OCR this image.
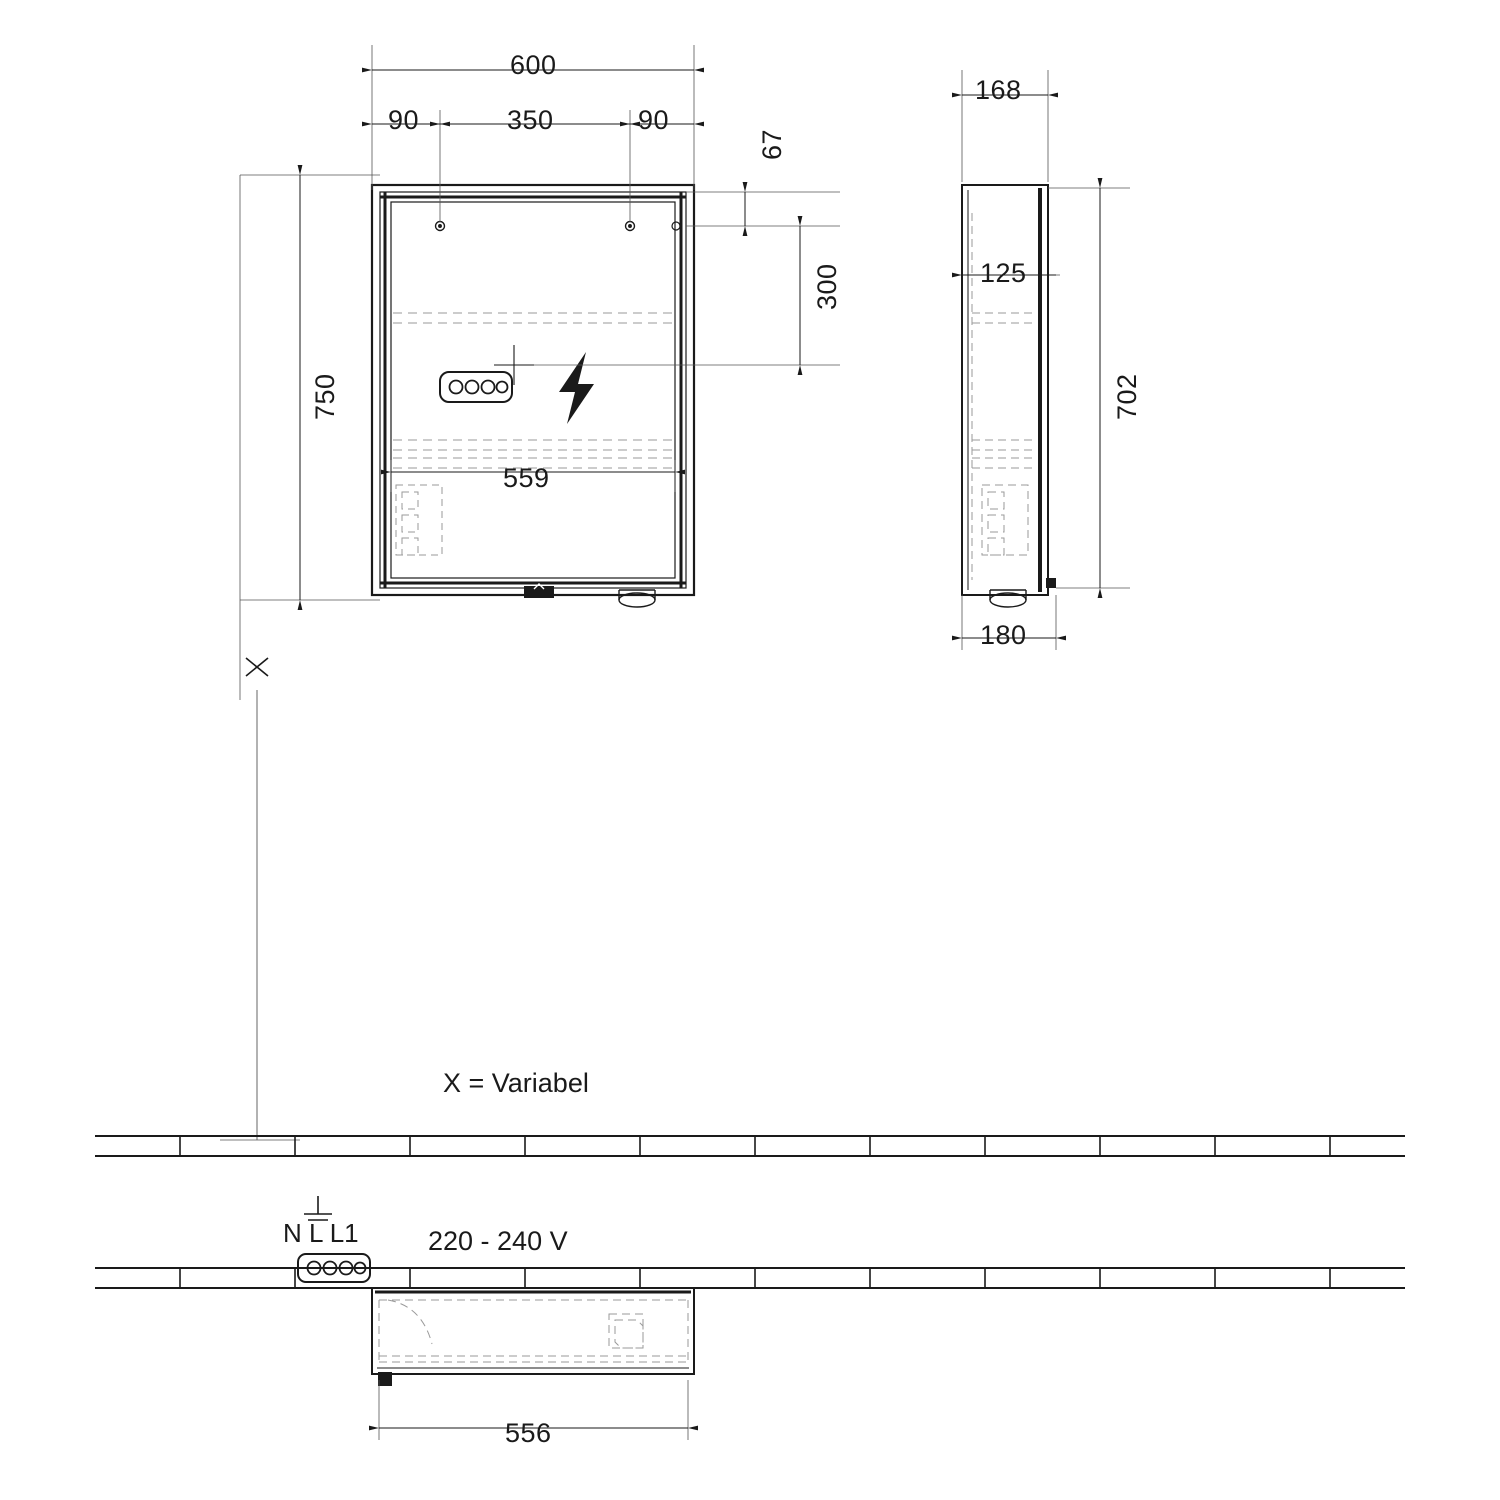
600
90	350	90
750
67
300
559
168
125
702
180
556
X = Variabel
220 - 240 V
N L L1
